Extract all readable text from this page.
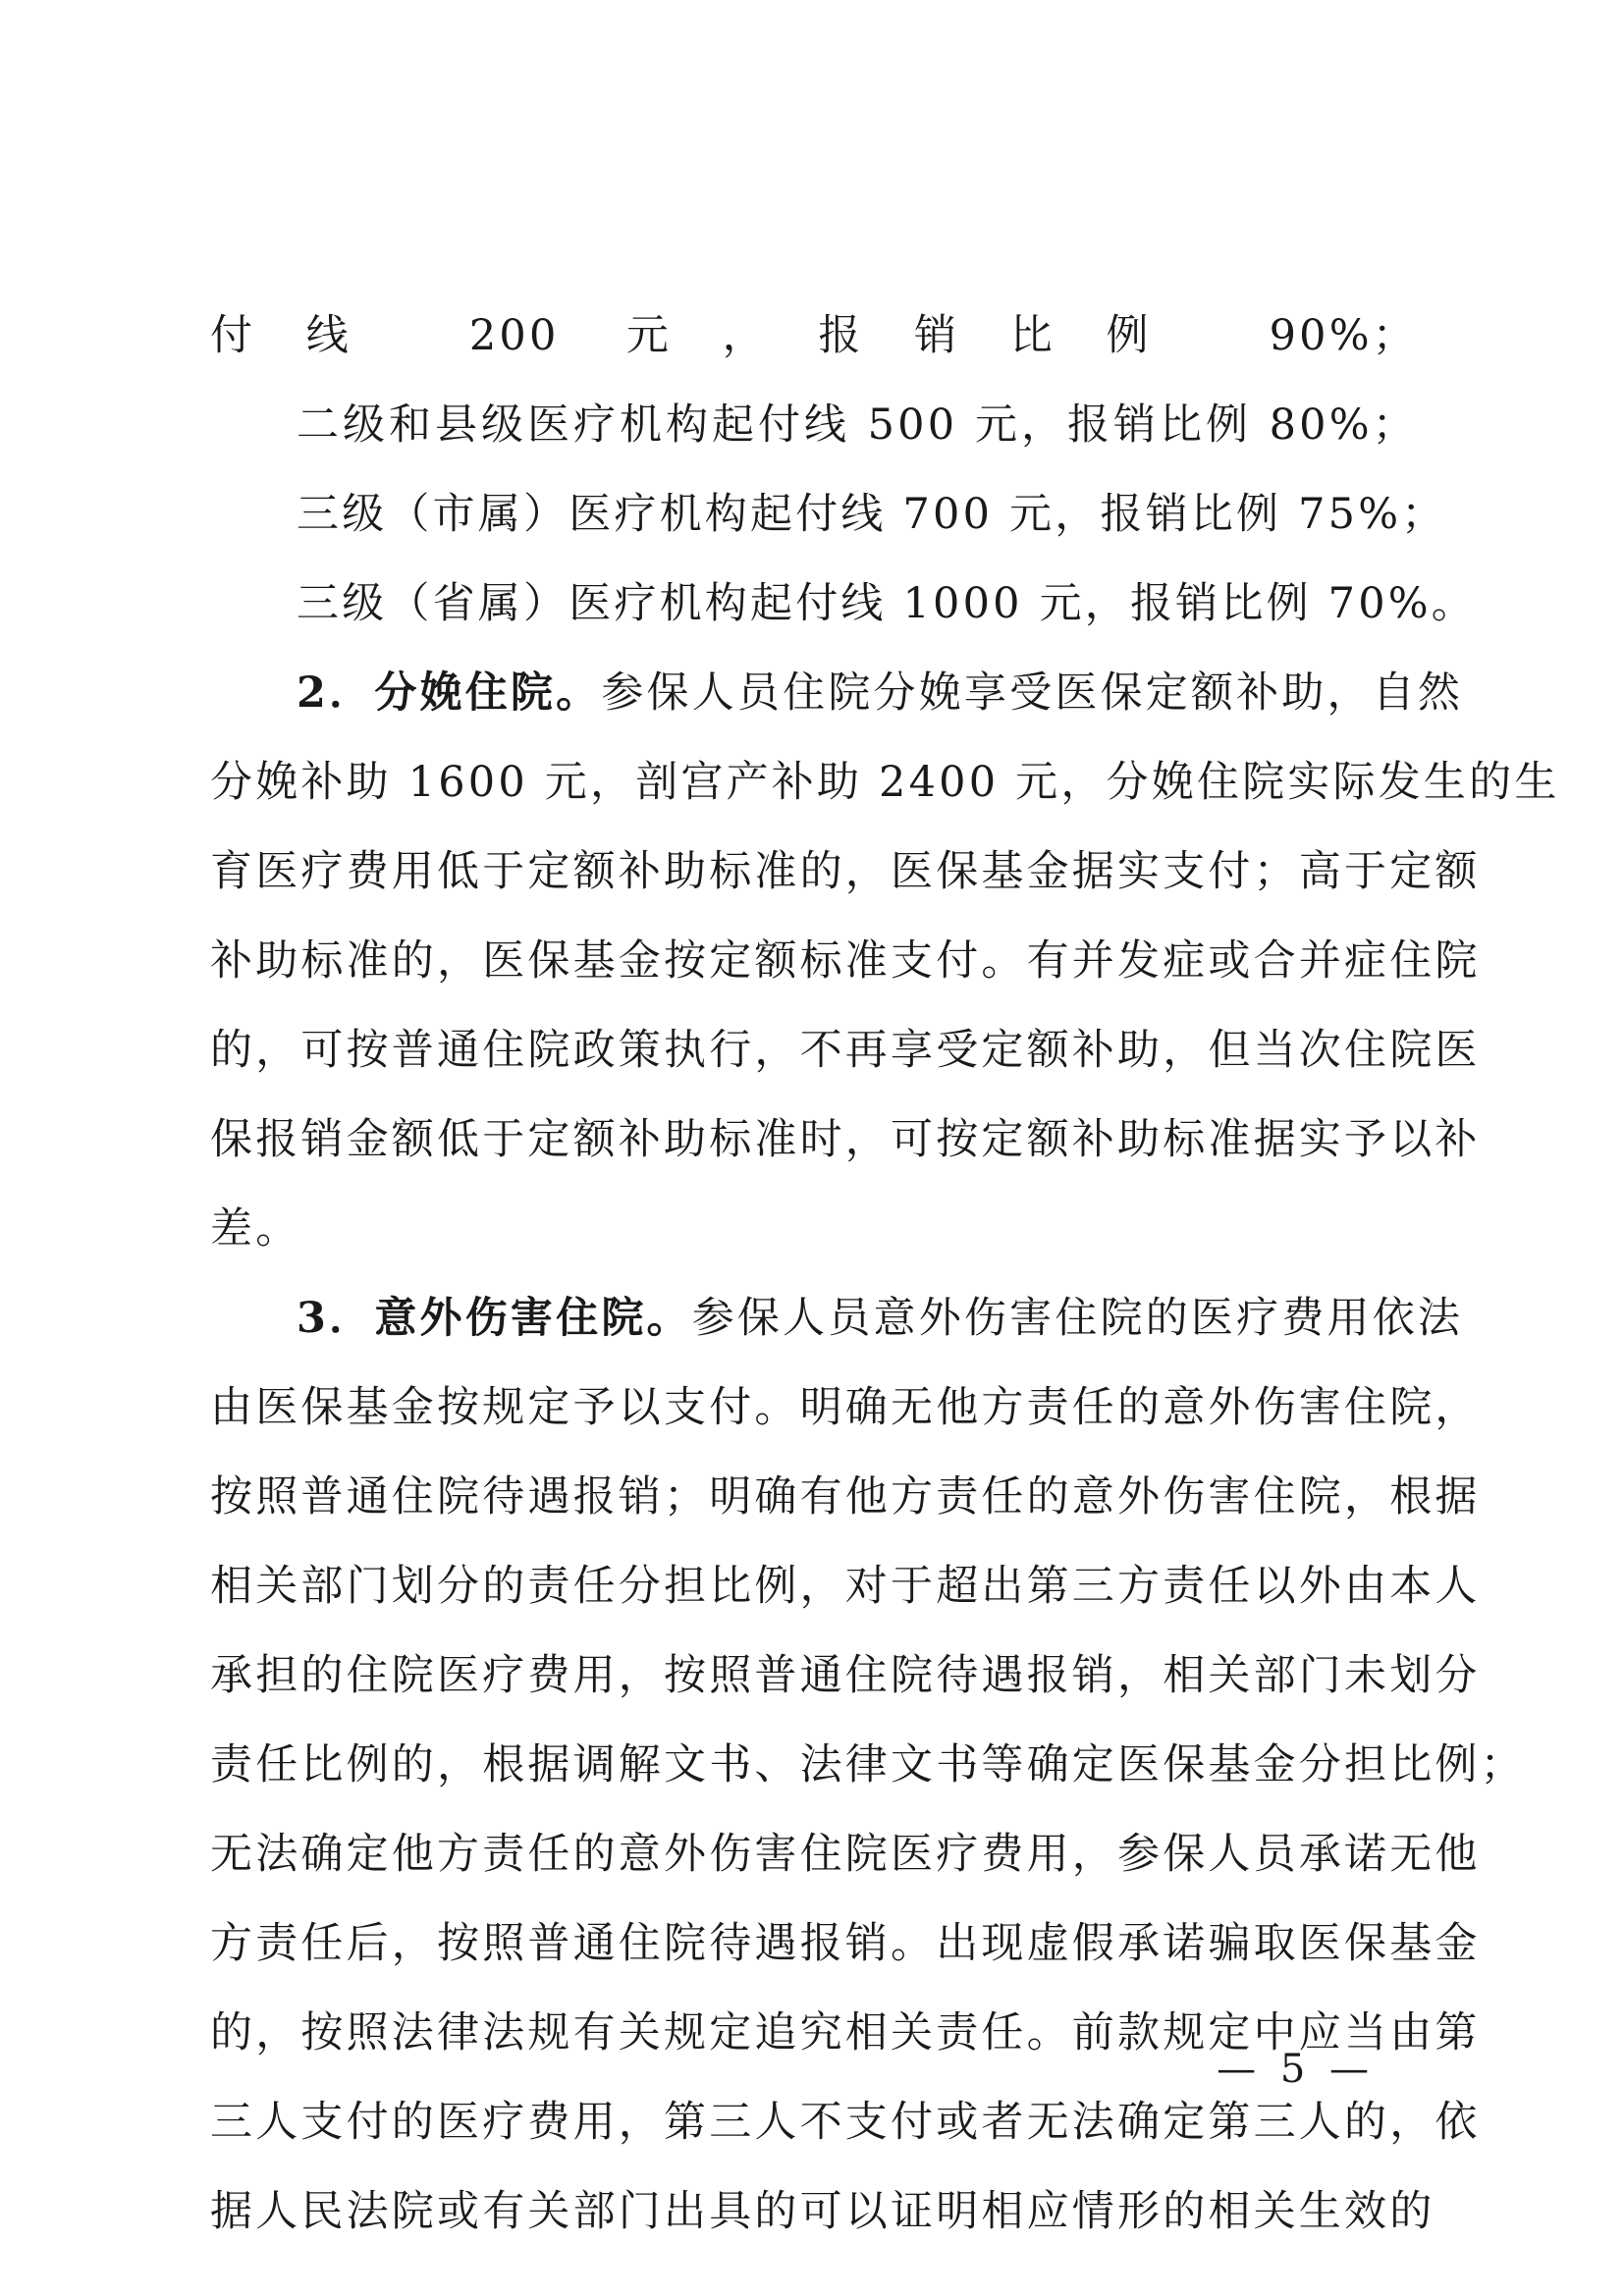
付线 200 元，报销比例 90%；
二级和县级医疗机构起付线 500 元，报销比例 80%；
三级（市属）医疗机构起付线 700 元，报销比例 75%；
三级（省属）医疗机构起付线 1000 元，报销比例 70%。
2．分娩住院。参保人员住院分娩享受医保定额补助，自然
分娩补助 1600 元，剖宫产补助 2400 元，分娩住院实际发生的生
育医疗费用低于定额补助标准的，医保基金据实支付；高于定额
补助标准的，医保基金按定额标准支付。有并发症或合并症住院
的，可按普通住院政策执行，不再享受定额补助，但当次住院医
保报销金额低于定额补助标准时，可按定额补助标准据实予以补
差。
3．意外伤害住院。参保人员意外伤害住院的医疗费用依法
由医保基金按规定予以支付。明确无他方责任的意外伤害住院，
按照普通住院待遇报销；明确有他方责任的意外伤害住院，根据
相关部门划分的责任分担比例，对于超出第三方责任以外由本人
承担的住院医疗费用，按照普通住院待遇报销，相关部门未划分
责任比例的，根据调解文书、法律文书等确定医保基金分担比例；
无法确定他方责任的意外伤害住院医疗费用，参保人员承诺无他
方责任后，按照普通住院待遇报销。出现虚假承诺骗取医保基金
的，按照法律法规有关规定追究相关责任。前款规定中应当由第
三人支付的医疗费用，第三人不支付或者无法确定第三人的，依
据人民法院或有关部门出具的可以证明相应情形的相关生效的
— 5 —
